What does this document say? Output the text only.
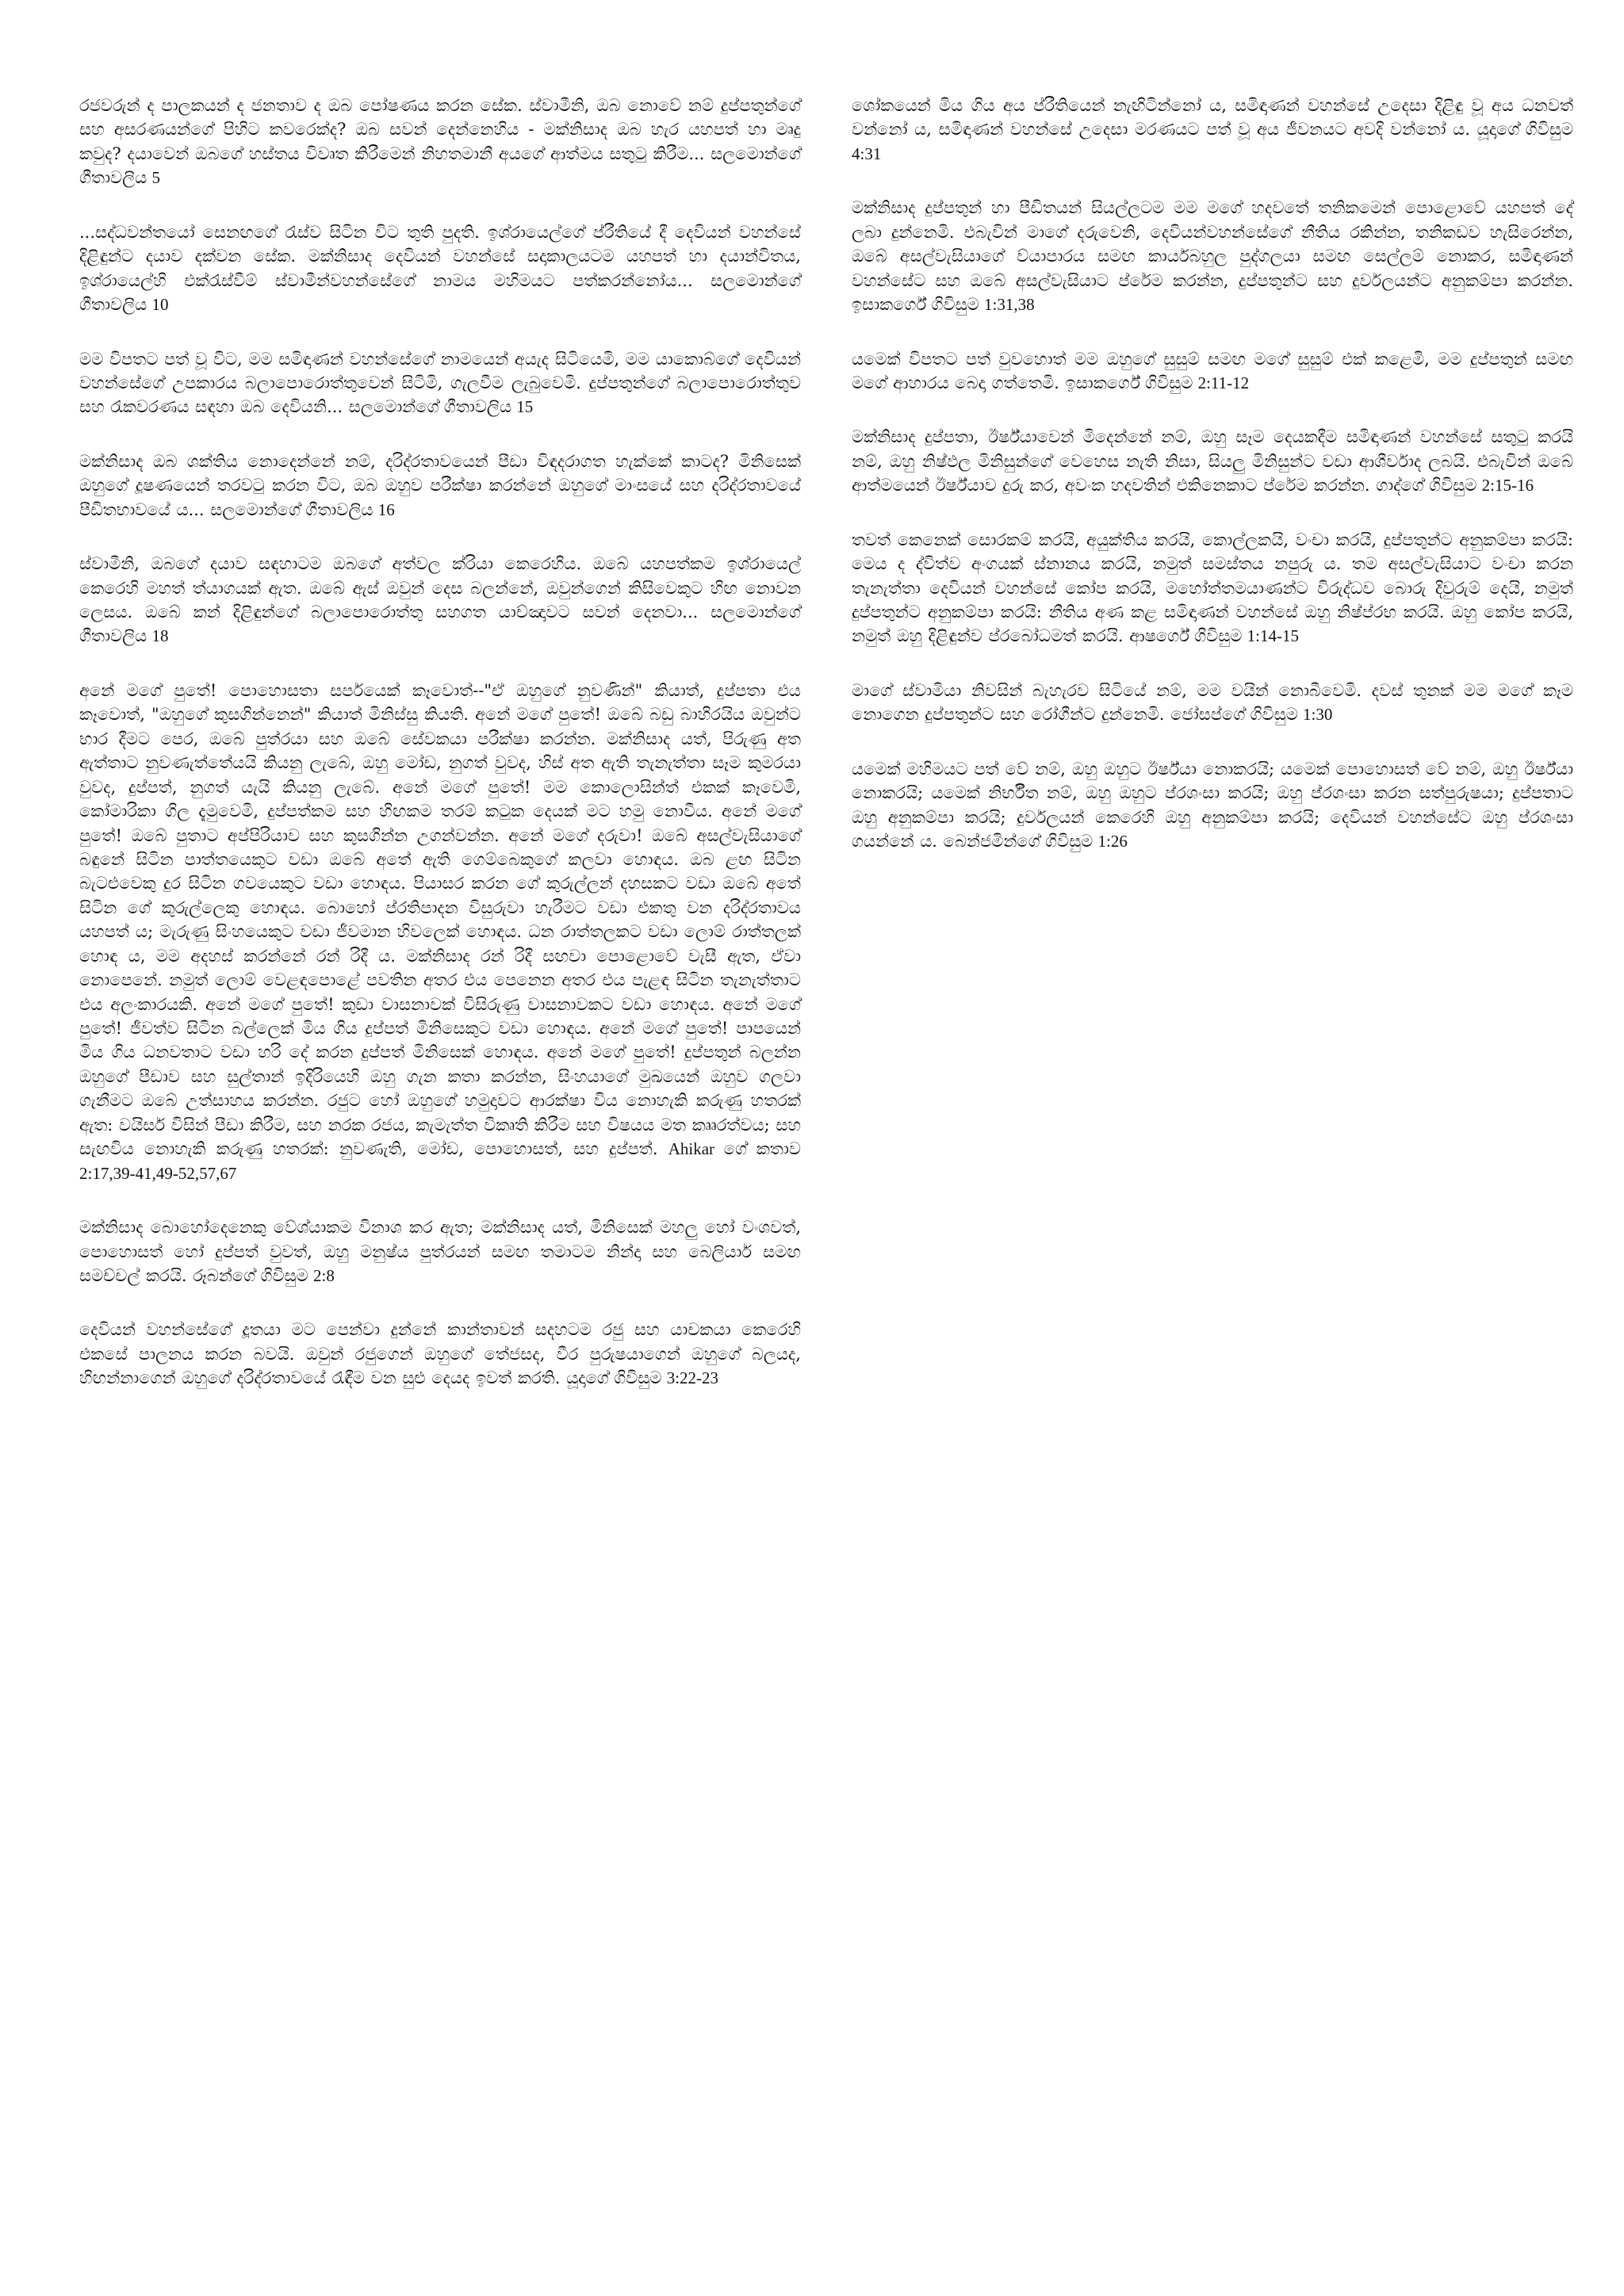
රජවරුන් ද පාලකයන් ද ජනතාව ද ඔබ පෝෂණය කරන සේක. ස්වාමීනි, ඔබ නොවේ නම් දුප්පතුන්ගේ සහ අසරණයන්ගේ පිහිට කවරෙක්ද? ඔබ සවන් දෙන්නෙහිය - මක්නිසාද ඔබ හැර යහපත් හා මෘදු කවුද? දයාවෙන් ඔබගේ හස්තය විවෘත කිරීමෙන් නිහතමානී අයගේ ආත්මය සතුටු කිරීම... සලමොන්ගේ ගීතාවලිය 5

...සද්ධවන්තයෝ සෙනඟගේ රැස්ව සිටින විට තුති පුදති. ඉශ්රායෙල්ගේ ප්රීතියේ දී දෙවියන් වහන්සේ දිළිඳුන්ට දයාව දක්වන සේක. මක්නිසාද දෙවියන් වහන්සේ සදාකාලයටම යහපත් හා දයාන්විතය, ඉශ්රායෙල්හි එක්රැස්වීම් ස්වාමීන්වහන්සේගේ නාමය මහිමයට පත්කරන්නෝය... සලමොන්ගේ ගීතාවලිය 10

මම විපතට පත් වූ විට, මම සමිඳාණන් වහන්සේගේ නාමයෙන් අයැද සිටියෙමි, මම යාකොබ්ගේ දෙවියන් වහන්සේගේ උපකාරය බලාපොරොත්තුවෙන් සිටිමි, ගැලවීම ලැබුවෙමි. දුප්පතුන්ගේ බලාපොරොත්තුව සහ රැකවරණය සඳහා ඔබ දෙවියනි... සලමොන්ගේ ගීතාවලිය 15

මක්නිසාද ඔබ ශක්තිය නොදෙන්නේ නම්, දරිද්රතාවයෙන් පීඩා විඳදරාගත හැක්කේ කාටද? මිනිසෙක් ඔහුගේ දූෂණයෙන් තරවටු කරන විට, ඔබ ඔහුව පරීක්ෂා කරන්නේ ඔහුගේ මාංසයේ සහ දරිද්රතාවයේ පීඩිතභාවයේ ය... සලමොන්ගේ ගීතාවලිය 16

ස්වාමීනි, ඔබගේ දයාව සඳහාටම ඔබගේ අත්වල ක්රියා කෙරෙහිය. ඔබේ යහපත්කම ඉශ්රායෙල් කෙරෙහි මහත් ත්යාගයක් ඇත. ඔබේ ඇස් ඔවුන් දෙස බලන්නේ, ඔවුන්ගෙන් කිසිවෙකුට හිඟ නොවන ලෙසය. ඔබේ කන් දිළිඳුන්ගේ බලාපොරොත්තු සහගත යාච්ඤාවට සවන් දෙනවා... සලමොන්ගේ ගීතාවලිය 18

අනේ මගේ පුතේ! පොහොසතා සර්පයෙක් කෑවොත්--"ඒ ඔහුගේ නුවණින්" කියාත්, දුප්පතා එය කෑවොත්, "ඔහුගේ කුසගින්නෙන්" කියාත් මිනිස්සු කියති. අනේ මගේ පුතේ! ඔබේ බඩු බාහිරයිය ඔවුන්ට භාර දීමට පෙර, ඔබේ පුත්රයා සහ ඔබේ සේවකයා පරීක්ෂා කරන්න. මක්නිසාද යත්, පිරුණු අත ඇත්තාට නුවණැත්තේයයි කියනු ලැබේ, ඔහු මෝඩ, නුගත් වුවද, හිස් අත ඇති තැනැත්තා සෑම කුමරයා වුවද, දුප්පත්, නුගත් යැයි කියනු ලැබේ. අනේ මගේ පුතේ! මම කොලොසින්ත් එකක් කෑවෙමි, කෝමාරිකා ගිල දැමුවෙමි, දුප්පත්කම සහ හිඟකම තරම් කටුක දෙයක් මට හමු නොවීය. අනේ මගේ පුතේ! ඔබේ පුතාට අප්පිරියාව සහ කුසගින්න උගන්වන්න. අනේ මගේ දරුවා! ඔබේ අසල්වැසියාගේ බඳුනේ සිටින පාත්තයෙකුට වඩා ඔබේ අතේ ඇති ගෙම්බෙකුගේ කලවා හොඳය. ඔබ ළඟ සිටින බැටළුවෙකු දුර සිටින ගවයෙකුට වඩා හොඳය. පියාසර කරන ගේ කුරුල්ලන් දහසකට වඩා ඔබේ අතේ සිටින ගේ කුරුල්ලෙකු හොඳය. බොහෝ ප්රතිපාදන විසුරුවා හැරීමට වඩා එකතු වන දරිද්රතාවය යහපත් ය; මැරුණු සිංහයෙකුට වඩා ජීවමාන හිවලෙක් හොඳය. ධන රාත්තලකට වඩා ලොම් රාත්තලක් හොඳ ය, මම අදහස් කරන්නේ රන් රිදී ය. මක්නිසාද රන් රිදී සඟවා පොළොවේ වැසී ඇත, ඒවා නොපෙනේ. නමුත් ලොම් වෙළඳපොළේ පවතින අතර එය පෙනෙන අතර එය පැළඳ සිටින තැනැත්තාට එය අලංකාරයකි. අනේ මගේ පුතේ! කුඩා වාසනාවක් විසිරුණු වාසනාවකට වඩා හොඳය. අනේ මගේ පුතේ! ජීවත්ව සිටින බල්ලෙක් මිය ගිය දුප්පත් මිනිසෙකුට වඩා හොඳය. අනේ මගේ පුතේ! පාපයෙන් මිය ගිය ධනවතාට වඩා හරි දේ කරන දුප්පත් මිනිසෙක් හොඳය. අනේ මගේ පුතේ! දුප්පතුන් බලන්න ඔහුගේ පීඩාව සහ සුල්තාන් ඉදිරියෙහි ඔහු ගැන කතා කරන්න, සිංහයාගේ මුඛයෙන් ඔහුව ගලවා ගැනීමට ඔබේ උත්සාහය කරන්න. රජුට හෝ ඔහුගේ හමුදාවට ආරක්ෂා විය නොහැකි කරුණු හතරක් ඇත: වයිසර් විසින් පීඩා කිරීම, සහ නරක රජය, කැමැත්ත විකෘති කිරීම සහ විෂයය මත කෘෘරත්වය; සහ සැඟවිය නොහැකි කරුණු හතරක්: නුවණැති, මෝඩ, පොහොසත්, සහ දුප්පත්. Ahikar ගේ කතාව 2:17,39-41,49-52,57,67

මක්නිසාද බොහෝදෙනෙකු වේශ්යාකම විනාශ කර ඇත; මක්නිසාද යත්, මිනිසෙක් මහලු හෝ වංශවත්, පොහොසත් හෝ දුප්පත් වුවත්, ඔහු මනුෂ්ය පුත්රයන් සමඟ තමාටම නින්දා සහ බෙලියාර් සමඟ සමච්චල් කරයි. රූබන්ගේ ගිවිසුම 2:8

දෙවියන් වහන්සේගේ දූතයා මට පෙන්වා දුන්නේ කාන්තාවන් සදහටම රජු සහ යාචකයා කෙරෙහි එකසේ පාලනය කරන බවයි. ඔවුන් රජුගෙන් ඔහුගේ තේජසද, වීර පුරුෂයාගෙන් ඔහුගේ බලයද, හිඟන්නාගෙන් ඔහුගේ දරිද්රතාවයේ රැඳීම වන සුළු දෙයද ඉවත් කරති. යූදාගේ ගිවිසුම 3:22-23

ශෝකයෙන් මිය ගිය අය ප්රීතියෙන් නැඟිටින්නෝ ය, සමිඳාණන් වහන්සේ උදෙසා දිළිඳු වූ අය ධනවත් වන්නෝ ය, සමිඳාණන් වහන්සේ උදෙසා මරණයට පත් වූ අය ජීවනයට අවදි වන්නෝ ය. යූදාගේ ගිවිසුම 4:31

මක්නිසාද දුප්පතුන් හා පීඩිතයන් සියල්ලටම මම මගේ හදවතේ තනිකමෙන් පොළොවේ යහපත් දේ ලබා දුන්නෙමි. එබැවින් මාගේ දරුවෙනි, දෙවියන්වහන්සේගේ නීතිය රකින්න, තනිකඩව හැසිරෙන්න, ඔබේ අසල්වැසියාගේ ව්යාපාරය සමඟ කාර්යබහුල පුද්ගලයා සමඟ සෙල්ලම් නොකර, සමිඳාණන් වහන්සේට සහ ඔබේ අසල්වැසියාට ප්රේම කරන්න, දුප්පතුන්ට සහ දුර්වලයන්ට අනුකම්පා කරන්න. ඉසාකර්ගේ ගිවිසුම 1:31,38

යමෙක් විපතට පත් වුවහොත් මම ඔහුගේ සුසුම් සමඟ මගේ සුසුම් එක් කළෙමි, මම දුප්පතුන් සමඟ මගේ ආහාරය බෙදා ගත්තෙමි. ඉසාකර්ගේ ගිවිසුම 2:11-12

මක්නිසාද දුප්පතා, ඊර්ෂ්යාවෙන් මිදෙන්නේ නම්, ඔහු සෑම දෙයකදීම සමිඳාණන් වහන්සේ සතුටු කරයි නම්, ඔහු නිෂ්ඵල මිනිසුන්ගේ වෙහෙස නැති නිසා, සියලු මිනිසුන්ට වඩා ආශීර්වාද ලබයි. එබැවින් ඔබේ ආත්මයෙන් ඊර්ෂ්යාව දුරු කර, අවංක හදවතින් එකිනෙකාට ප්රේම කරන්න. ගාද්ගේ ගිවිසුම 2:15-16

තවත් කෙනෙක් සොරකම් කරයි, අයුක්තිය කරයි, කොල්ලකයි, වංචා කරයි, දුප්පතුන්ට අනුකම්පා කරයි: මෙය ද ද්විත්ව අංගයක් ස්නානය කරයි, නමුත් සමස්තය නපුරු ය. තම අසල්වැසියාට වංචා කරන තැනැත්තා දෙවියන් වහන්සේ කෝප කරයි, මහෝත්තමයාණන්ට විරුද්ධව බොරු දිවුරුම් දෙයි, නමුත් දුප්පතුන්ට අනුකම්පා කරයි: නීතිය අණ කළ සමිඳාණන් වහන්සේ ඔහු නිෂ්ප්රභ කරයි. ඔහු කෝප කරයි, නමුත් ඔහු දිළිඳුන්ව ප්රබෝධමත් කරයි. ආෂර්ගේ ගිවිසුම 1:14-15

මාගේ ස්වාමියා නිවසින් බැහැරව සිටියේ නම්, මම වයින් නොබීවෙමි. දවස් තුනක් මම මගේ කෑම නොගෙන දුප්පතුන්ට සහ රෝගීන්ට දුන්නෙමි. ජෝසප්ගේ ගිවිසුම 1:30

යමෙක් මහිමයට පත් වේ නම්, ඔහු ඔහුට ඊර්ෂ්යා නොකරයි; යමෙක් පොහොසත් වේ නම්, ඔහු ඊර්ෂ්යා නොකරයි; යමෙක් නිර්භීත නම්, ඔහු ඔහුට ප්රශංසා කරයි; ඔහු ප්රශංසා කරන සත්පුරුෂයා; දුප්පතාට ඔහු අනුකම්පා කරයි; දුර්වලයන් කෙරෙහි ඔහු අනුකම්පා කරයි; දෙවියන් වහන්සේට ඔහු ප්රශංසා ගයන්නේ ය. බෙන්ජමින්ගේ ගිවිසුම 1:26
